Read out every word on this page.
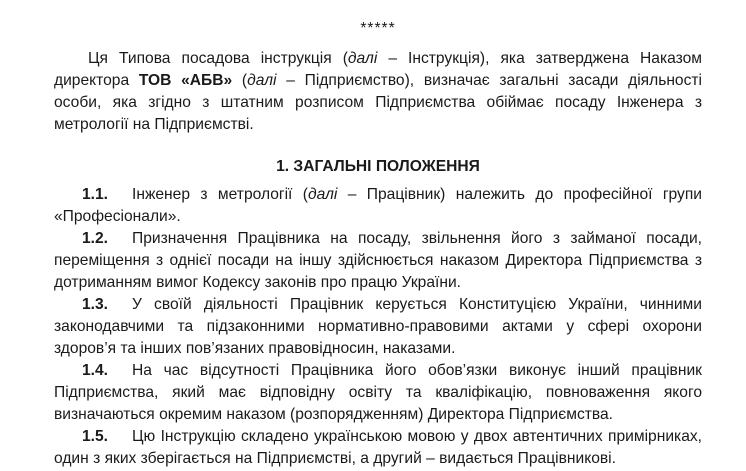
*****

Ця Типова посадова інструкція (далі – Інструкція), яка затверджена Наказом директора ТОВ «АБВ» (далі – Підприємство), визначає загальні засади діяльності особи, яка згідно з штатним розписом Підприємства обіймає посаду Інженера з метрології на Підприємстві.

1. ЗАГАЛЬНІ ПОЛОЖЕННЯ

1.1. Інженер з метрології (далі – Працівник) належить до професійної групи «Професіонали».

1.2. Призначення Працівника на посаду, звільнення його з займаної посади, переміщення з однієї посади на іншу здійснюється наказом Директора Підприємства з дотриманням вимог Кодексу законів про працю України.

1.3. У своїй діяльності Працівник керується Конституцією України, чинними законодавчими та підзаконними нормативно-правовими актами у сфері охорони здоров’я та інших пов’язаних правовідносин, наказами.

1.4. На час відсутності Працівника його обов’язки виконує інший працівник Підприємства, який має відповідну освіту та кваліфікацію, повноваження якого визначаються окремим наказом (розпорядженням) Директора Підприємства.

1.5. Цю Інструкцію складено українською мовою у двох автентичних примірниках, один з яких зберігається на Підприємстві, а другий – видається Працівникові.
